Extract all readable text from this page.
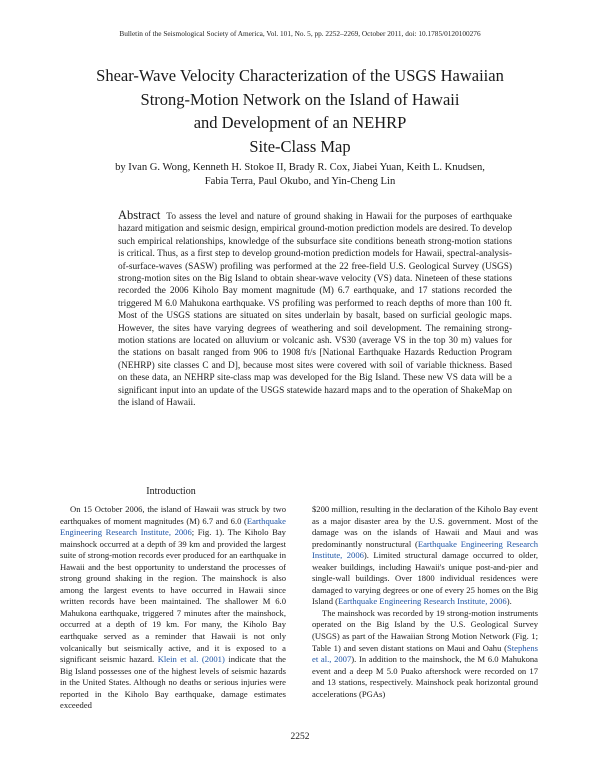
Bulletin of the Seismological Society of America, Vol. 101, No. 5, pp. 2252–2269, October 2011, doi: 10.1785/0120100276
Shear-Wave Velocity Characterization of the USGS Hawaiian
Strong-Motion Network on the Island of Hawaii
and Development of an NEHRP
Site-Class Map
by Ivan G. Wong, Kenneth H. Stokoe II, Brady R. Cox, Jiabei Yuan, Keith L. Knudsen,
Fabia Terra, Paul Okubo, and Yin-Cheng Lin

Abstract To assess the level and nature of ground shaking in Hawaii for the purposes of earthquake hazard mitigation and seismic design, empirical ground-motion prediction models are desired. To develop such empirical relationships, knowledge of the subsurface site conditions beneath strong-motion stations is critical. Thus, as a first step to develop ground-motion prediction models for Hawaii, spectral-analysis-of-surface-waves (SASW) profiling was performed at the 22 free-field U.S. Geological Survey (USGS) strong-motion sites on the Big Island to obtain shear-wave velocity (VS) data. Nineteen of these stations recorded the 2006 Kiholo Bay moment magnitude (M) 6.7 earthquake, and 17 stations recorded the triggered M 6.0 Mahukona earthquake. VS profiling was performed to reach depths of more than 100 ft. Most of the USGS stations are situated on sites underlain by basalt, based on surficial geologic maps. However, the sites have varying degrees of weathering and soil development. The remaining strong-motion stations are located on alluvium or volcanic ash. VS30 (average VS in the top 30 m) values for the stations on basalt ranged from 906 to 1908 ft/s [National Earthquake Hazards Reduction Program (NEHRP) site classes C and D], because most sites were covered with soil of variable thickness. Based on these data, an NEHRP site-class map was developed for the Big Island. These new VS data will be a significant input into an update of the USGS statewide hazard maps and to the operation of ShakeMap on the island of Hawaii.

Introduction

On 15 October 2006, the island of Hawaii was struck by two earthquakes of moment magnitudes (M) 6.7 and 6.0 (Earthquake Engineering Research Institute, 2006; Fig. 1). The Kiholo Bay mainshock occurred at a depth of 39 km and provided the largest suite of strong-motion records ever produced for an earthquake in Hawaii and the best opportunity to understand the processes of strong ground shaking in the region. The mainshock is also among the largest events to have occurred in Hawaii since written records have been maintained. The shallower M 6.0 Mahukona earthquake, triggered 7 minutes after the mainshock, occurred at a depth of 19 km. For many, the Kiholo Bay earthquake served as a reminder that Hawaii is not only volcanically but seismically active, and it is exposed to a significant seismic hazard. Klein et al. (2001) indicate that the Big Island possesses one of the highest levels of seismic hazards in the United States. Although no deaths or serious injuries were reported in the Kiholo Bay earthquake, damage estimates exceeded

$200 million, resulting in the declaration of the Kiholo Bay event as a major disaster area by the U.S. government. Most of the damage was on the islands of Hawaii and Maui and was predominantly nonstructural (Earthquake Engineering Research Institute, 2006). Limited structural damage occurred to older, weaker buildings, including Hawaii's unique post-and-pier and single-wall buildings. Over 1800 individual residences were damaged to varying degrees or one of every 25 homes on the Big Island (Earthquake Engineering Research Institute, 2006).

The mainshock was recorded by 19 strong-motion instruments operated on the Big Island by the U.S. Geological Survey (USGS) as part of the Hawaiian Strong Motion Network (Fig. 1; Table 1) and seven distant stations on Maui and Oahu (Stephens et al., 2007). In addition to the mainshock, the M 6.0 Mahukona event and a deep M 5.0 Puako aftershock were recorded on 17 and 13 stations, respectively. Mainshock peak horizontal ground accelerations (PGAs)

2252
